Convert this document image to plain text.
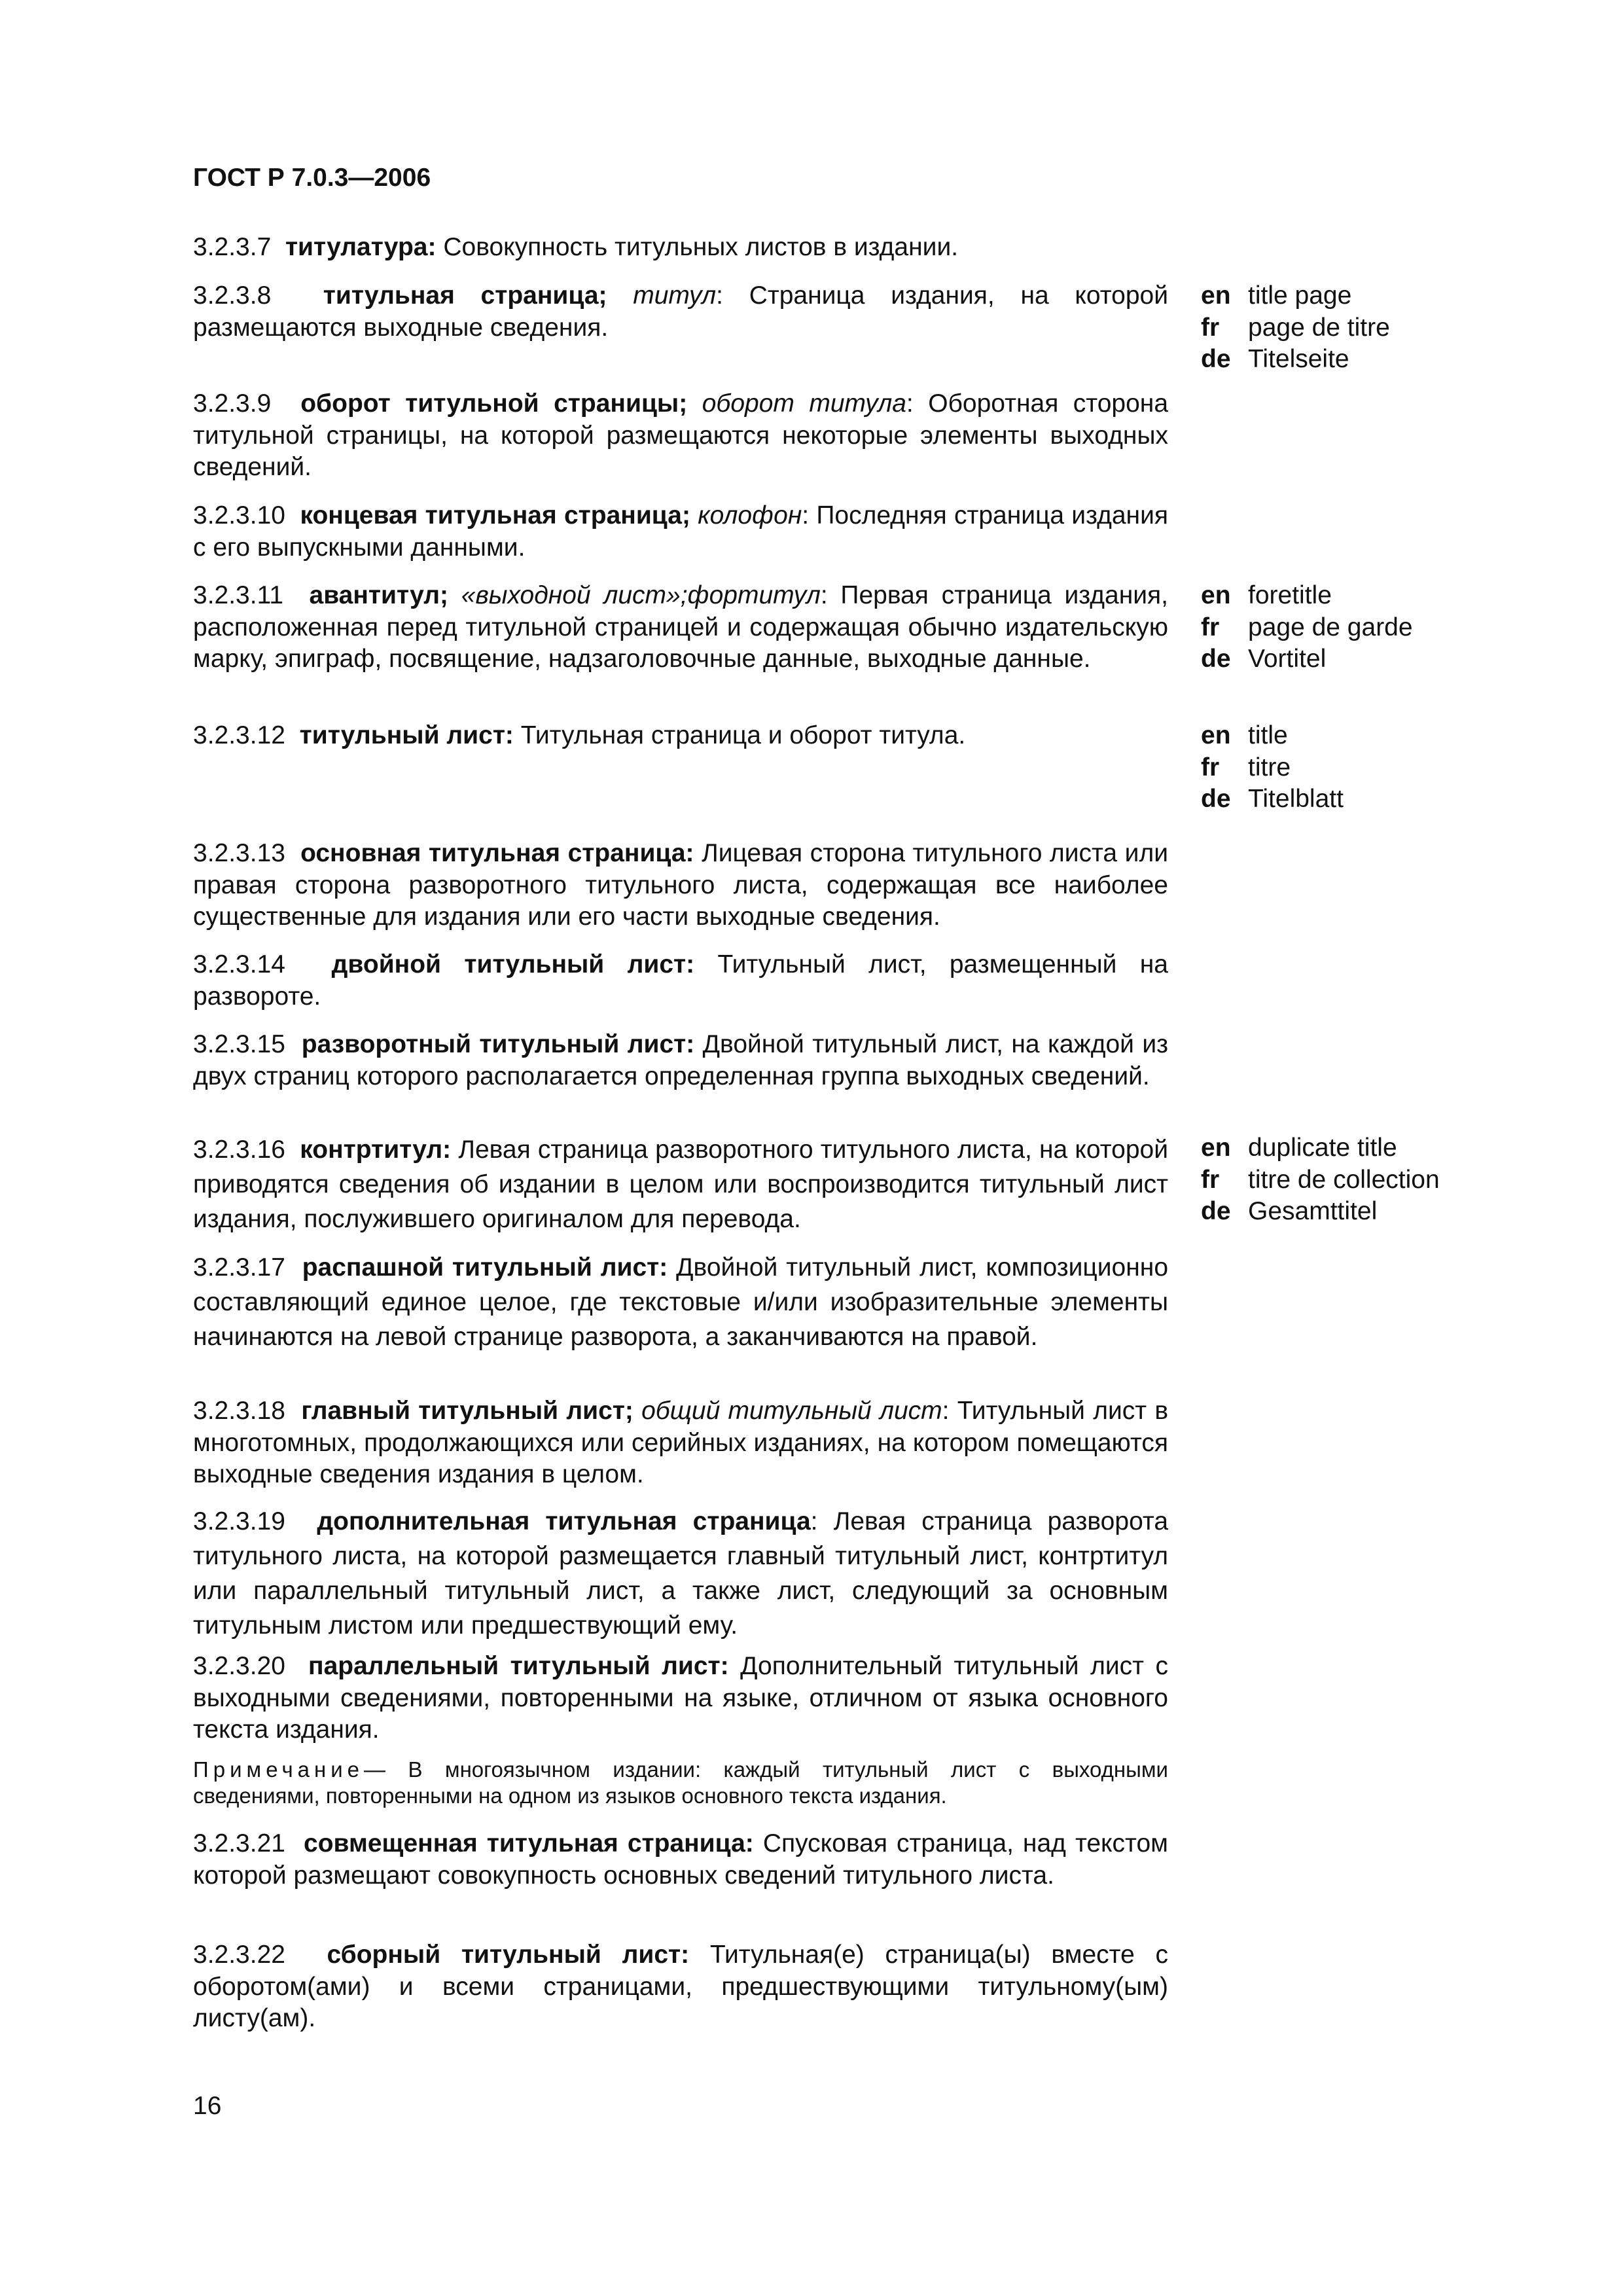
ГОСТ Р 7.0.3—2006

3.2.3.7 титулатура: Совокупность титульных листов в издании.

3.2.3.8 титульная страница; титул: Страница издания, на которой размещаются выходные сведения.

en title page
fr page de titre
de Titelseite

3.2.3.9 оборот титульной страницы; оборот титула: Оборотная сторона титульной страницы, на которой размещаются некоторые элементы выходных сведений.

3.2.3.10 концевая титульная страница; колофон: Последняя страница издания с его выпускными данными.

3.2.3.11 авантитул; «выходной лист»;фортитул: Первая страница издания, расположенная перед титульной страницей и содержащая обычно издательскую марку, эпиграф, посвящение, надзаголовочные данные, выходные данные.

en foretitle
fr page de garde
de Vortitel

3.2.3.12 титульный лист: Титульная страница и оборот титула.	en title
fr titre
de Titelblatt

3.2.3.13 основная титульная страница: Лицевая сторона титульного листа или правая сторона разворотного титульного листа, содержащая все наиболее существенные для издания или его части выходные сведения.

3.2.3.14 двойной титульный лист: Титульный лист, размещенный на развороте.

3.2.3.15 разворотный титульный лист: Двойной титульный лист, на каждой из двух страниц которого располагается определенная группа выходных сведений.

3.2.3.16 контртитул: Левая страница разворотного титульного листа, на которой приводятся сведения об издании в целом или воспроизводится титульный лист издания, послужившего оригиналом для перевода.

en duplicate title
fr titre de collection
de Gesamttitel

3.2.3.17 распашной титульный лист: Двойной титульный лист, композиционно составляющий единое целое, где текстовые и/или изобразительные элементы начинаются на левой странице разворота, а заканчиваются на правой.

3.2.3.18 главный титульный лист; общий титульный лист: Титульный лист в многотомных, продолжающихся или серийных изданиях, на котором помещаются выходные сведения издания в целом.

3.2.3.19 дополнительная титульная страница: Левая страница разворота титульного листа, на которой размещается главный титульный лист, контртитул или параллельный титульный лист, а также лист, следующий за основным титульным листом или предшествующий ему.

3.2.3.20 параллельный титульный лист: Дополнительный титульный лист с выходными сведениями, повторенными на языке, отличном от языка основного текста издания.

Примечание— В многоязычном издании: каждый титульный лист с выходными сведениями, повторенными на одном из языков основного текста издания.

3.2.3.21 совмещенная титульная страница: Спусковая страница, над текстом которой размещают совокупность основных сведений титульного листа.

3.2.3.22 сборный титульный лист: Титульная(е) страница(ы) вместе с оборотом(ами) и всеми страницами, предшествующими титульному(ым) листу(ам).

16
